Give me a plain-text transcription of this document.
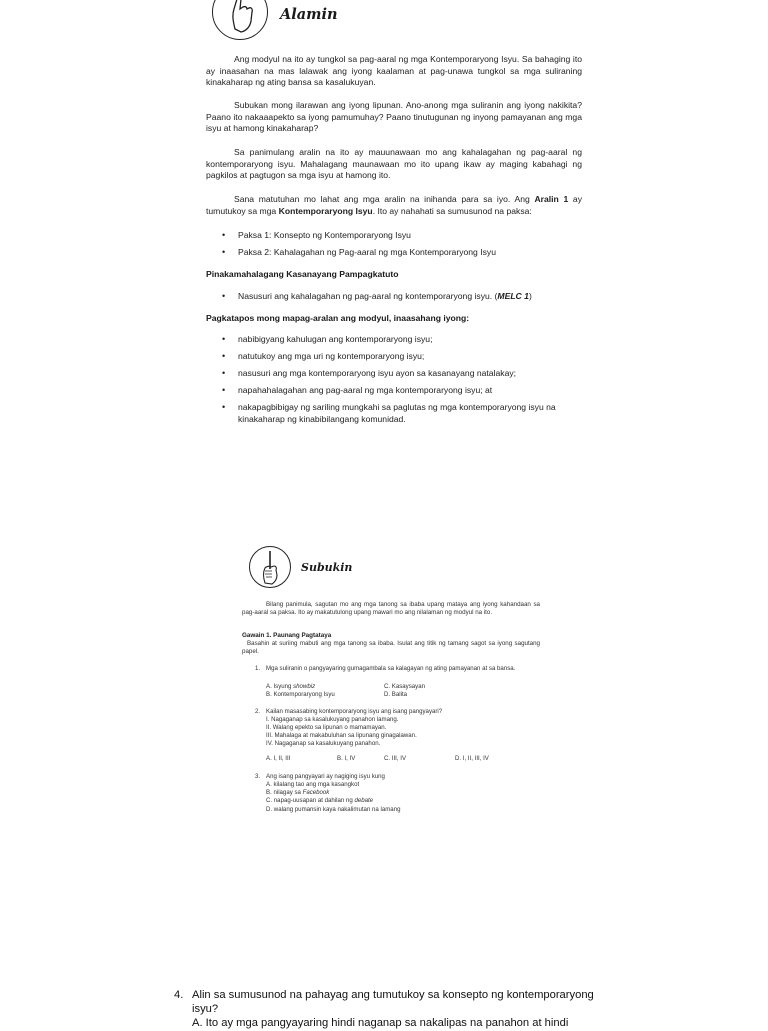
Alamin
Ang modyul na ito ay tungkol sa pag-aaral ng mga Kontemporaryong Isyu. Sa bahaging ito ay inaasahan na mas lalawak ang iyong kaalaman at pag-unawa tungkol sa mga suliraning kinakaharap ng ating bansa sa kasalukuyan.
Subukan mong ilarawan ang iyong lipunan. Ano-anong mga suliranin ang iyong nakikita? Paano ito nakaaapekto sa iyong pamumuhay? Paano tinutugunan ng inyong pamayanan ang mga isyu at hamong kinakaharap?
Sa panimulang aralin na ito ay mauunawaan mo ang kahalagahan ng pag-aaral ng kontemporaryong isyu. Mahalagang maunawaan mo ito upang ikaw ay maging kabahagi ng pagkilos at pagtugon sa mga isyu at hamong ito.
Sana matutuhan mo lahat ang mga aralin na inihanda para sa iyo. Ang Aralin 1 ay tumutukoy sa mga Kontemporaryong Isyu. Ito ay nahahati sa sumusunod na paksa:
• Paksa 1: Konsepto ng Kontemporaryong Isyu
• Paksa 2: Kahalagahan ng Pag-aaral ng mga Kontemporaryong Isyu
Pinakamahalagang Kasanayang Pampagkatuto
• Nasusuri ang kahalagahan ng pag-aaral ng kontemporaryong isyu. (MELC 1)
Pagkatapos mong mapag-aralan ang modyul, inaasahang iyong:
• nabibigyang kahulugan ang kontemporaryong isyu;
• natutukoy ang mga uri ng kontemporaryong isyu;
• nasusuri ang mga kontemporaryong isyu ayon sa kasanayang natalakay;
• napahahalagahan ang pag-aaral ng mga kontemporaryong isyu; at
• nakapagbibigay ng sariling mungkahi sa paglutas ng mga kontemporaryong isyu na kinakaharap ng kinabibilangang komunidad.
Subukin
Bilang panimula, sagutan mo ang mga tanong sa ibaba upang mataya ang iyong kahandaan sa pag-aaral sa paksa. Ito ay makatutulong upang mawari mo ang nilalaman ng modyul na ito.
Gawain 1. Paunang Pagtataya
Basahin at suriing mabuti ang mga tanong sa ibaba. Isulat ang titik ng tamang sagot sa iyong sagutang papel.
1. Mga suliranin o pangyayaring gumagambala sa kalagayan ng ating pamayanan at sa bansa.
A. Isyung showbiz
B. Kontemporaryong Isyu
C. Kasaysayan
D. Balita
2. Kailan masasabing kontemporaryong isyu ang isang pangyayari?
I. Nagaganap sa kasalukuyang panahon lamang.
II. Walang epekto sa lipunan o mamamayan.
III. Mahalaga at makabuluhan sa lipunang ginagalawan.
IV. Nagaganap sa kasalukuyang panahon.
A. I, II, III	B. I, IV	C. III, IV	D. I, II, III, IV
3. Ang isang pangyayari ay nagiging isyu kung
A. kilalang tao ang mga kasangkot
B. nilagay sa Facebook
C. napag-uusapan at dahilan ng debate
D. walang pumansin kaya nakalimutan na lamang
4. Alin sa sumusunod na pahayag ang tumutukoy sa konsepto ng kontemporaryong
isyu?
A. Ito ay mga pangyayaring hindi naganap sa nakalipas na panahon at hindi
